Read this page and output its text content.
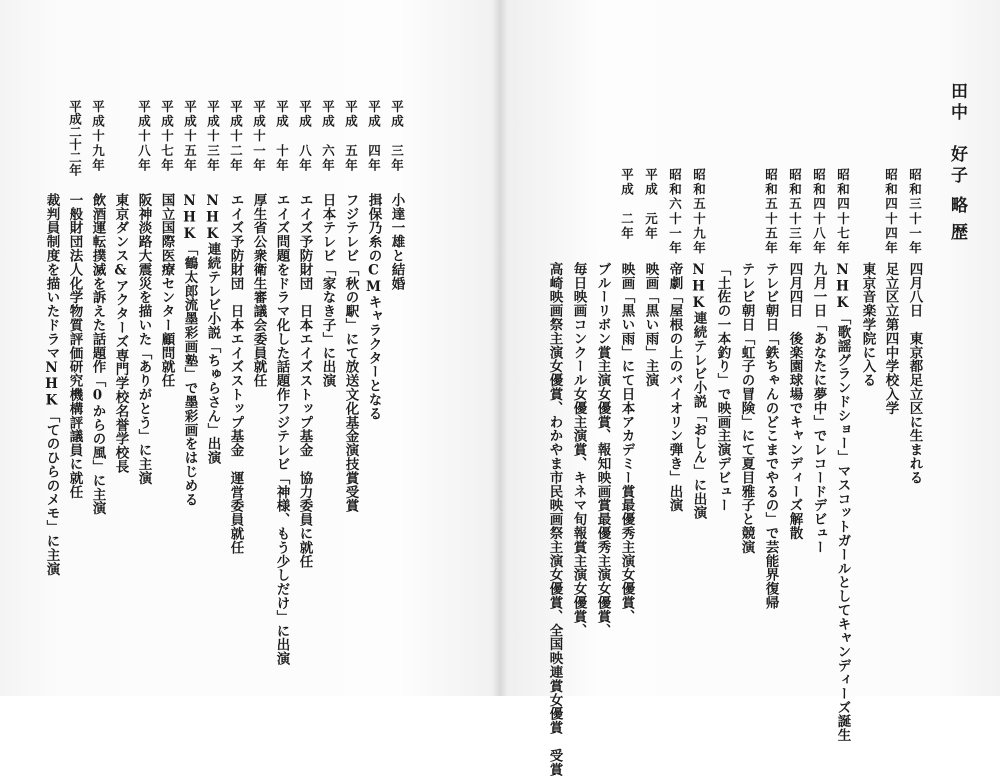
田中　好子
略歴
昭和三十一年
四月八日　東京都足立区に生まれる
昭和四十四年
足立区立第四中学校入学
東京音楽学院に入る
昭和四十七年
NHK「歌謡グランドショー」マスコットガールとしてキャンディーズ誕生
昭和四十八年
九月一日「あなたに夢中」でレコードデビュー
昭和五十三年
四月四日　後楽園球場でキャンディーズ解散
昭和五十五年
テレビ朝日「鉄ちゃんのどこまでやるの」で芸能界復帰
テレビ朝日「虹子の冒険」にて夏目雅子と競演
「土佐の一本釣り」で映画主演デビュー
昭和五十九年
NHK連続テレビ小説「おしん」に出演
昭和六十一年
帝劇「屋根の上のバイオリン弾き」出演
平成　元年
映画「黒い雨」主演
平成　二年
映画「黒い雨」にて日本アカデミー賞最優秀主演女優賞、
ブルーリボン賞主演女優賞、報知映画賞最優秀主演女優賞、
毎日映画コンクール女優主演賞、キネマ旬報賞主演女優賞、
高崎映画祭主演女優賞、わかやま市民映画祭主演女優賞、全国映連賞女優賞　受賞
平成　三年
小達一雄と結婚
平成　四年
揖保乃糸のCMキャラクターとなる
平成　五年
フジテレビ「秋の駅」にて放送文化基金演技賞受賞
平成　六年
日本テレビ「家なき子」に出演
平成　八年
エイズ予防財団　日本エイズストップ基金　協力委員に就任
平成　十年
エイズ問題をドラマ化した話題作フジテレビ「神様、もう少しだけ」に出演
平成十一年
厚生省公衆衛生審議会委員就任
平成十二年
エイズ予防財団　日本エイズストップ基金　運営委員就任
平成十三年
NHK連続テレビ小説「ちゅらさん」出演
平成十五年
NHK「鶴太郎流墨彩画塾」で墨彩画をはじめる
平成十七年
国立国際医療センター顧問就任
平成十八年
阪神淡路大震災を描いた「ありがとう」に主演
東京ダンス&アクターズ専門学校名誉学校長
平成十九年
飲酒運転撲滅を訴えた話題作「0からの風」に主演
平成二十二年
一般財団法人化学物質評価研究機構評議員に就任
裁判員制度を描いたドラマNHK「てのひらのメモ」に主演
